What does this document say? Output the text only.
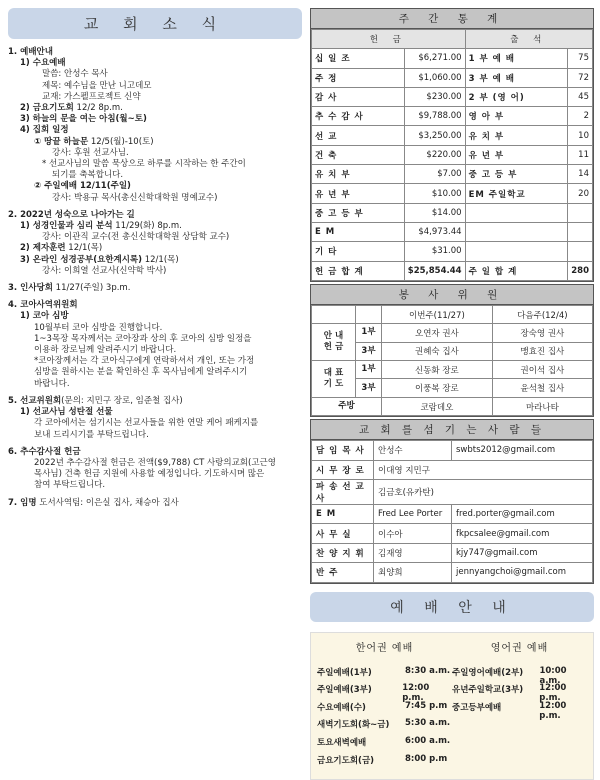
교 회 소 식
1. 예배안내
1) 수요예배
말씀: 안성수 목사
제목: 예수님을 만난 니고데모
교재: 가스펠프로젝트 신약
2) 금요기도회 12/2 8p.m.
3) 하늘의 문을 여는 아침(월~토)
4) 집회 일정
① 땅끝 하늘문 12/5(월)-10(토)
강사: 후원 선교사님.
* 선교사님의 말씀 묵상으로 하루를 시작하는 한 주간이
되기를 축복합니다.
② 주일예배 12/11(주일)
강사: 박용규 목사(총신신학대학원 명예교수)
2. 2022년 성숙으로 나아가는 길
1) 성경인물과 심리 분석 11/29(화) 8p.m.
강사: 이관직 교수(전 총신신학대학원 상담학 교수)
2) 제자훈련 12/1(목)
3) 온라인 성경공부(요한계시록) 12/1(목)
강사: 이희열 선교사(신약학 박사)
3. 인사당회 11/27(주일) 3p.m.
4. 코아사역위원회
1) 코아 심방
10월부터 코아 심방을 진행합니다.
1~3목장 목자께서는 코아장과 상의 후 코아의 심방 일정을
이용하 장로님께 알려주시기 바랍니다.
*코아장께서는 각 코아식구에게 연락하셔서 개인, 또는 가정
심방을 원하시는 분을 확인하신 후 목사님에게 알려주시기
바랍니다.
5. 선교위원회(문의: 지민구 장로, 임준철 집사)
1) 선교사님 성탄절 선물
각 코아에서는 섬기시는 선교사들을 위한 연말 케어 패케지를
보내 드리시기를 부탁드립니다.
6. 추수감사절 헌금
2022년 추수감사절 헌금은 전액($9,788) CT 사랑의교회(고근영
목사님) 건축 헌금 지원에 사용할 예정입니다. 기도하시며 많은
참여 부탁드립니다.
7. 임명 도서사역팀: 이은실 집사, 채승아 집사
주 간 통 계
헌 금		출 석	
십 일 조	$6,271.00	1 부 예 배	75
주 정	$1,060.00	3 부 예 배	72
감 사	$230.00	2 부 (영 어)	45
추 수 감 사	$9,788.00	영 아 부	2
선 교	$3,250.00	유 치 부	10
건 축	$220.00	유 년 부	11
유 치 부	$7.00	중 고 등 부	14
유 년 부	$10.00	EM 주일학교	20
중 고 등 부	$14.00		
E M	$4,973.44		
기 타	$31.00		
헌 금 합 계	$25,854.44	주 일 합 계	280
봉 사 위 원
		이번주(11/27)	다음주(12/4)
안 내
헌 금	1부	오연자 권사	장숙영 권사
	3부	권혜숙 집사	맹효진 집사
대 표
기 도	1부	신동화 장로	권이석 집사
	3부	이풍복 장로	윤석철 집사
주방		코람데오	마라나타
교 회 를 섬 기 는 사 람 들
담 임 목 사	안성수	swbts2012@gmail.com
시 무 장 로	이대영 지민구	
파 송 선 교 사	김금호(유카탄)	
E M	Fred Lee Porter	fred.porter@gmail.com
사 무 실	이수아	fkpcsalee@gmail.com
찬 양 지 휘	김재영	kjy747@gmail.com
반 주	최양희	jennyangchoi@gmail.com
예 배 안 내
한어권 예배
주일예배(1부)	8:30 a.m.
주일예배(3부)	12:00 p.m.
수요예배(수)	7:45 p.m
새벽기도회(화~금)	5:30 a.m.
토요새벽예배	6:00 a.m.
금요기도회(금)	8:00 p.m
영어권 예배
주일영어예배(2부)	10:00 a.m.
유년주일학교(3부)	12:00 p.m.
중고등부예배	12:00 p.m.
